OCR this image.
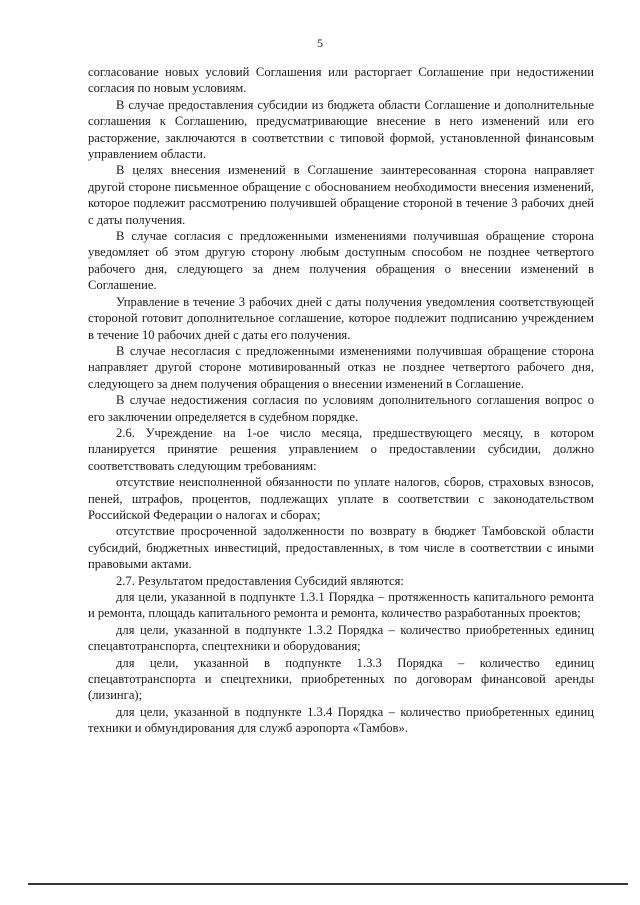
5

согласование новых условий Соглашения или расторгает Соглашение при недостижении согласия по новым условиям.

В случае предоставления субсидии из бюджета области Соглашение и дополнительные соглашения к Соглашению, предусматривающие внесение в него изменений или его расторжение, заключаются в соответствии с типовой формой, установленной финансовым управлением области.

В целях внесения изменений в Соглашение заинтересованная сторона направляет другой стороне письменное обращение с обоснованием необходимости внесения изменений, которое подлежит рассмотрению получившей обращение стороной в течение 3 рабочих дней с даты получения.

В случае согласия с предложенными изменениями получившая обращение сторона уведомляет об этом другую сторону любым доступным способом не позднее четвертого рабочего дня, следующего за днем получения обращения о внесении изменений в Соглашение.

Управление в течение 3 рабочих дней с даты получения уведомления соответствующей стороной готовит дополнительное соглашение, которое подлежит подписанию учреждением в течение 10 рабочих дней с даты его получения.

В случае несогласия с предложенными изменениями получившая обращение сторона направляет другой стороне мотивированный отказ не позднее четвертого рабочего дня, следующего за днем получения обращения о внесении изменений в Соглашение.

В случае недостижения согласия по условиям дополнительного соглашения вопрос о его заключении определяется в судебном порядке.

2.6. Учреждение на 1-ое число месяца, предшествующего месяцу, в котором планируется принятие решения управлением о предоставлении субсидии, должно соответствовать следующим требованиям:

отсутствие неисполненной обязанности по уплате налогов, сборов, страховых взносов, пеней, штрафов, процентов, подлежащих уплате в соответствии с законодательством Российской Федерации о налогах и сборах;

отсутствие просроченной задолженности по возврату в бюджет Тамбовской области субсидий, бюджетных инвестиций, предоставленных, в том числе в соответствии с иными правовыми актами.

2.7. Результатом предоставления Субсидий являются:

для цели, указанной в подпункте 1.3.1 Порядка – протяженность капитального ремонта и ремонта, площадь капитального ремонта и ремонта, количество разработанных проектов;

для цели, указанной в подпункте 1.3.2 Порядка – количество приобретенных единиц спецавтотранспорта, спецтехники и оборудования;

для цели, указанной в подпункте 1.3.3 Порядка – количество единиц спецавтотранспорта и спецтехники, приобретенных по договорам финансовой аренды (лизинга);

для цели, указанной в подпункте 1.3.4 Порядка – количество приобретенных единиц техники и обмундирования для служб аэропорта «Тамбов».
